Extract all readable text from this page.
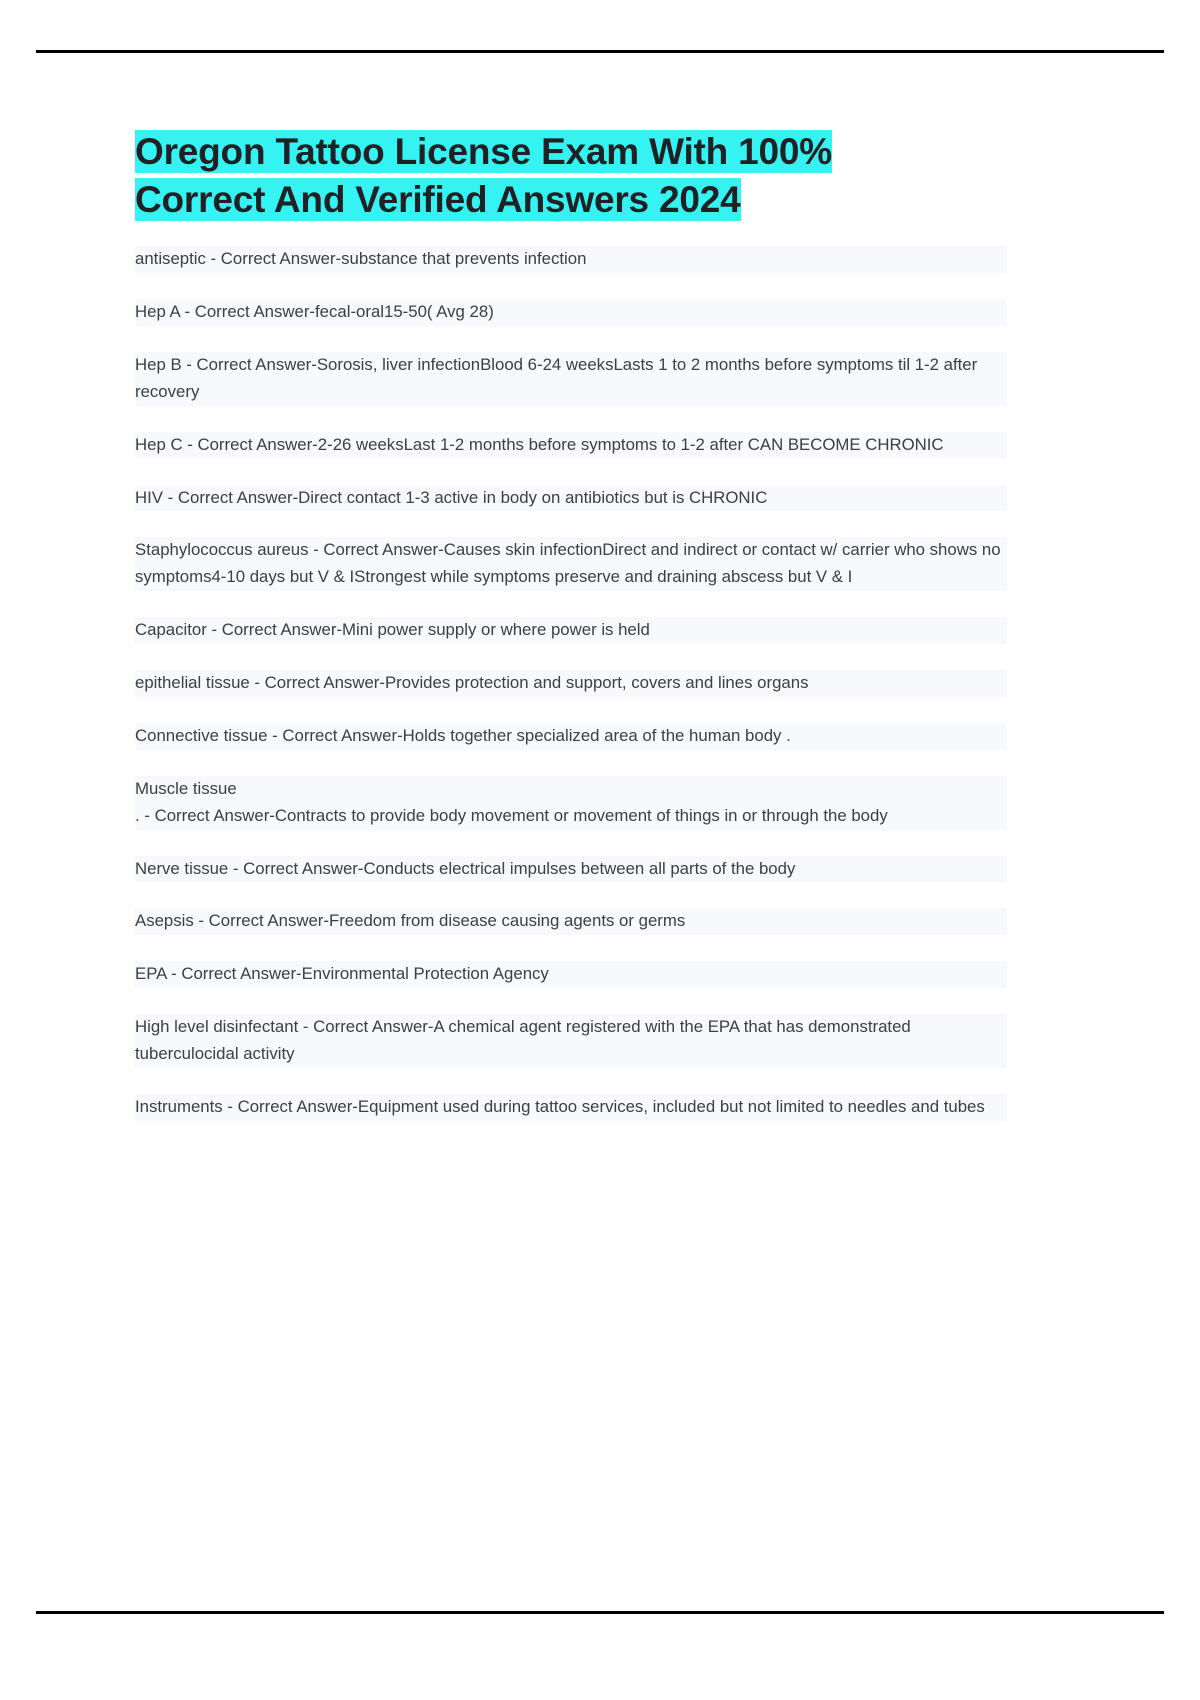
Oregon Tattoo License Exam With 100%
Correct And Verified Answers 2024

antiseptic - Correct Answer-substance that prevents infection

Hep A - Correct Answer-fecal-oral15-50( Avg 28)

Hep B - Correct Answer-Sorosis, liver infectionBlood 6-24 weeksLasts 1 to 2 months before symptoms til 1-2 after recovery

Hep C - Correct Answer-2-26 weeksLast 1-2 months before symptoms to 1-2 after CAN BECOME CHRONIC

HIV - Correct Answer-Direct contact 1-3 active in body on antibiotics but is CHRONIC

Staphylococcus aureus - Correct Answer-Causes skin infectionDirect and indirect or contact w/ carrier who shows no symptoms4-10 days but V & IStrongest while symptoms preserve and draining abscess but V & I

Capacitor - Correct Answer-Mini power supply or where power is held

epithelial tissue - Correct Answer-Provides protection and support, covers and lines organs

Connective tissue - Correct Answer-Holds together specialized area of the human body .

Muscle tissue
. - Correct Answer-Contracts to provide body movement or movement of things in or through the body

Nerve tissue - Correct Answer-Conducts electrical impulses between all parts of the body

Asepsis - Correct Answer-Freedom from disease causing agents or germs

EPA - Correct Answer-Environmental Protection Agency

High level disinfectant - Correct Answer-A chemical agent registered with the EPA that has demonstrated tuberculocidal activity

Instruments - Correct Answer-Equipment used during tattoo services, included but not limited to needles and tubes
